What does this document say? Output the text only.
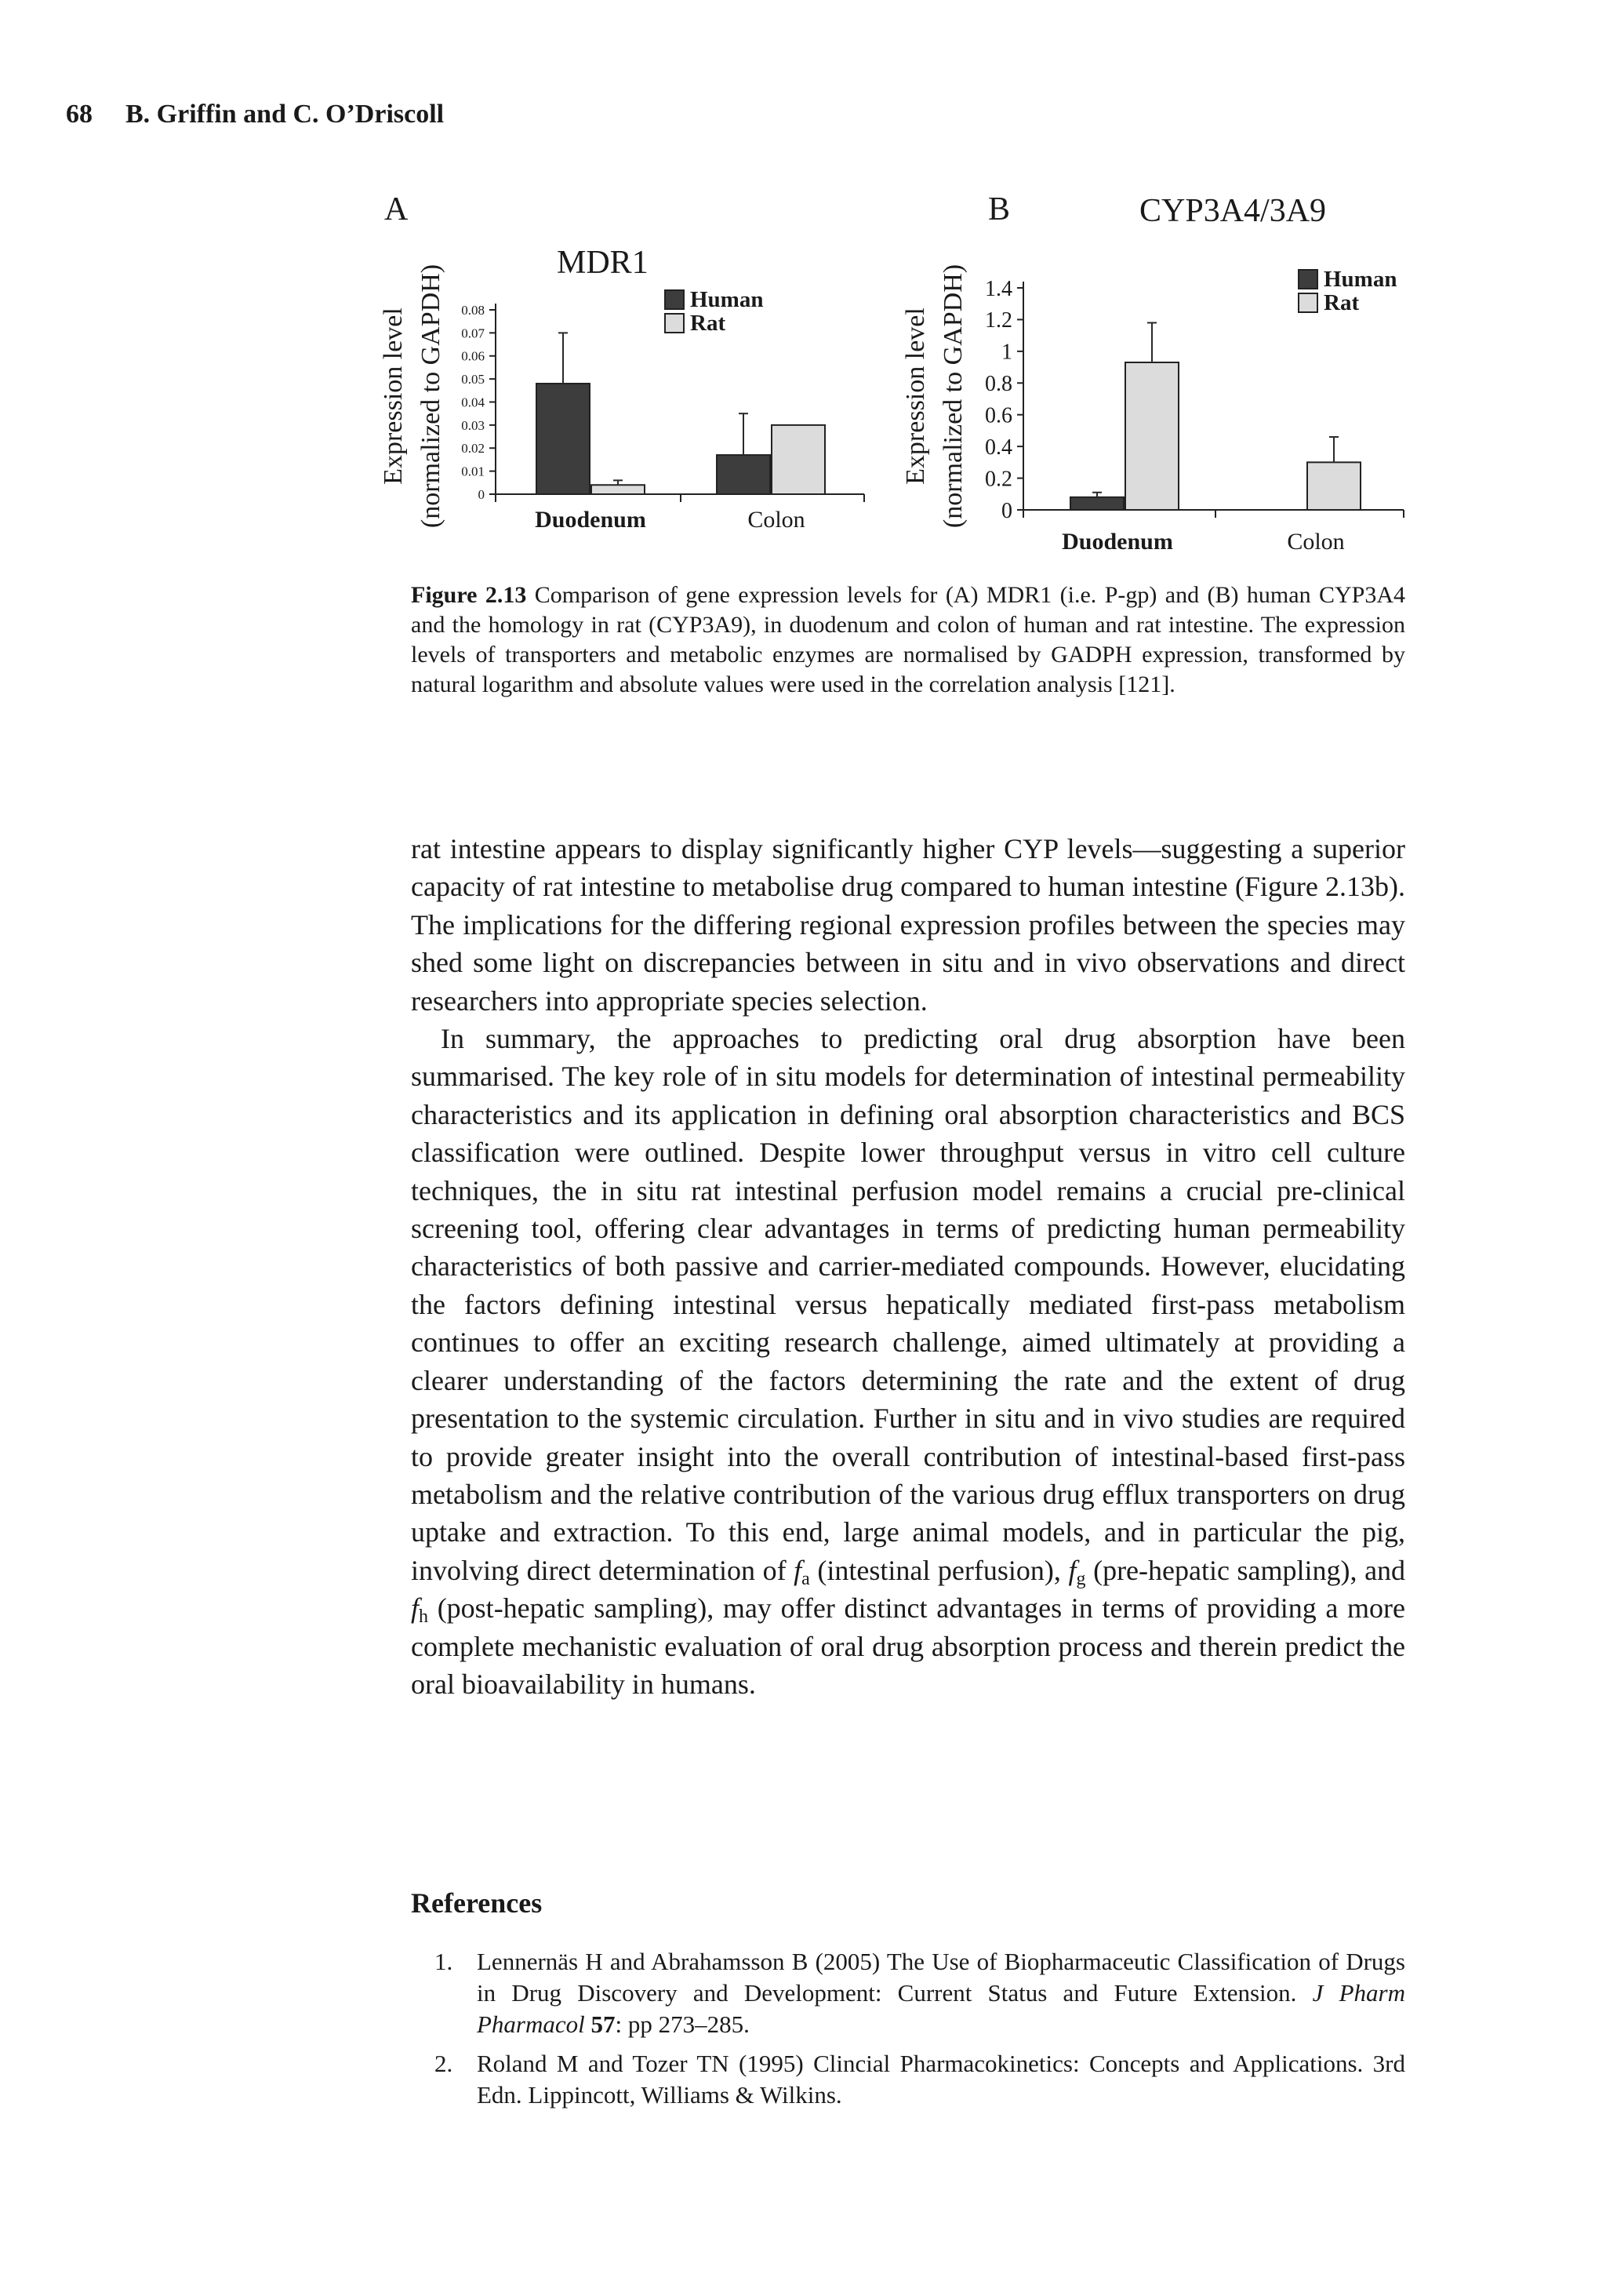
68 B. Griffin and C. O’Driscoll
A
MDR1
Expression level (normalized to GAPDH) 0
0.01
0.02
0.03
0.04
0.05
0.06
0.07
0.08
Duodenum	Colon
Human
Rat
B	CYP3A4/3A9
Expression level (normalized to GAPDH) 0
0.2
0.4
0.6
0.8
1
1.2
1.4
Duodenum	Colon
Human
Rat
Figure 2.13 Comparison of gene expression levels for (A) MDR1 (i.e. P-gp) and (B) human CYP3A4 and the homology in rat (CYP3A9), in duodenum and colon of human and rat intestine. The expression levels of transporters and metabolic enzymes are normalised by GADPH expression, transformed by natural logarithm and absolute values were used in the correlation analysis [121].

rat intestine appears to display significantly higher CYP levels—suggesting a superior capacity of rat intestine to metabolise drug compared to human intestine (Figure 2.13b). The implications for the differing regional expression profiles between the species may shed some light on discrepancies between in situ and in vivo observations and direct researchers into appropriate species selection.

In summary, the approaches to predicting oral drug absorption have been summarised. The key role of in situ models for determination of intestinal permeability characteristics and its application in defining oral absorption characteristics and BCS classification were outlined. Despite lower throughput versus in vitro cell culture techniques, the in situ rat intestinal perfusion model remains a crucial pre-clinical screening tool, offering clear advantages in terms of predicting human permeability characteristics of both passive and carrier-mediated compounds. However, elucidating the factors defining intestinal versus hepatically mediated first-pass metabolism continues to offer an exciting research challenge, aimed ultimately at providing a clearer understanding of the factors determining the rate and the extent of drug presentation to the systemic circulation. Further in situ and in vivo studies are required to provide greater insight into the overall contribution of intestinal-based first-pass metabolism and the relative contribution of the various drug efflux transporters on drug uptake and extraction. To this end, large animal models, and in particular the pig, involving direct determination of $f_a$ (intestinal perfusion), $f_g$ (pre-hepatic sampling), and $f_h$ (post-hepatic sampling), may offer distinct advantages in terms of providing a more complete mechanistic evaluation of oral drug absorption process and therein predict the oral bioavailability in humans.

References
1. Lennernäs H and Abrahamsson B (2005) The Use of Biopharmaceutic Classification of Drugs in Drug Discovery and Development: Current Status and Future Extension. J Pharm Pharmacol 57: pp 273–285.
2. Roland M and Tozer TN (1995) Clincial Pharmacokinetics: Concepts and Applications. 3rd Edn. Lippincott, Williams & Wilkins.
